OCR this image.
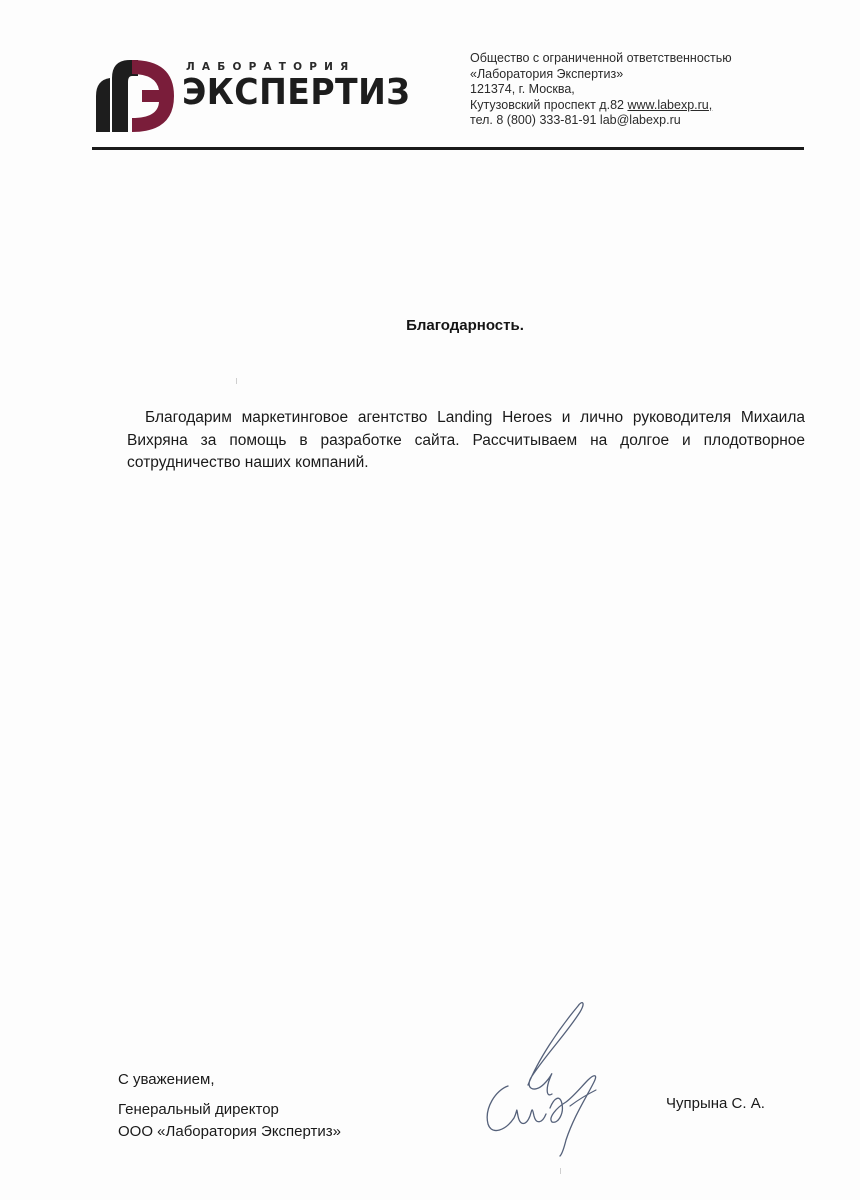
ЛАБОРАТОРИЯ
ЭКСПЕРТИЗ
Общество с ограниченной ответственностью
«Лаборатория Экспертиз»
121374, г. Москва,
Кутузовский проспект д.82 www.labexp.ru,
тел. 8 (800) 333-81-91 lab@labexp.ru
Благодарность.
Благодарим маркетинговое агентство Landing Heroes и лично руководителя Михаила Вихряна за помощь в разработке сайта. Рассчитываем на долгое и плодотворное сотрудничество наших компаний.
С уважением,
Генеральный директор
ООО «Лаборатория Экспертиз»
Чупрына С. А.
